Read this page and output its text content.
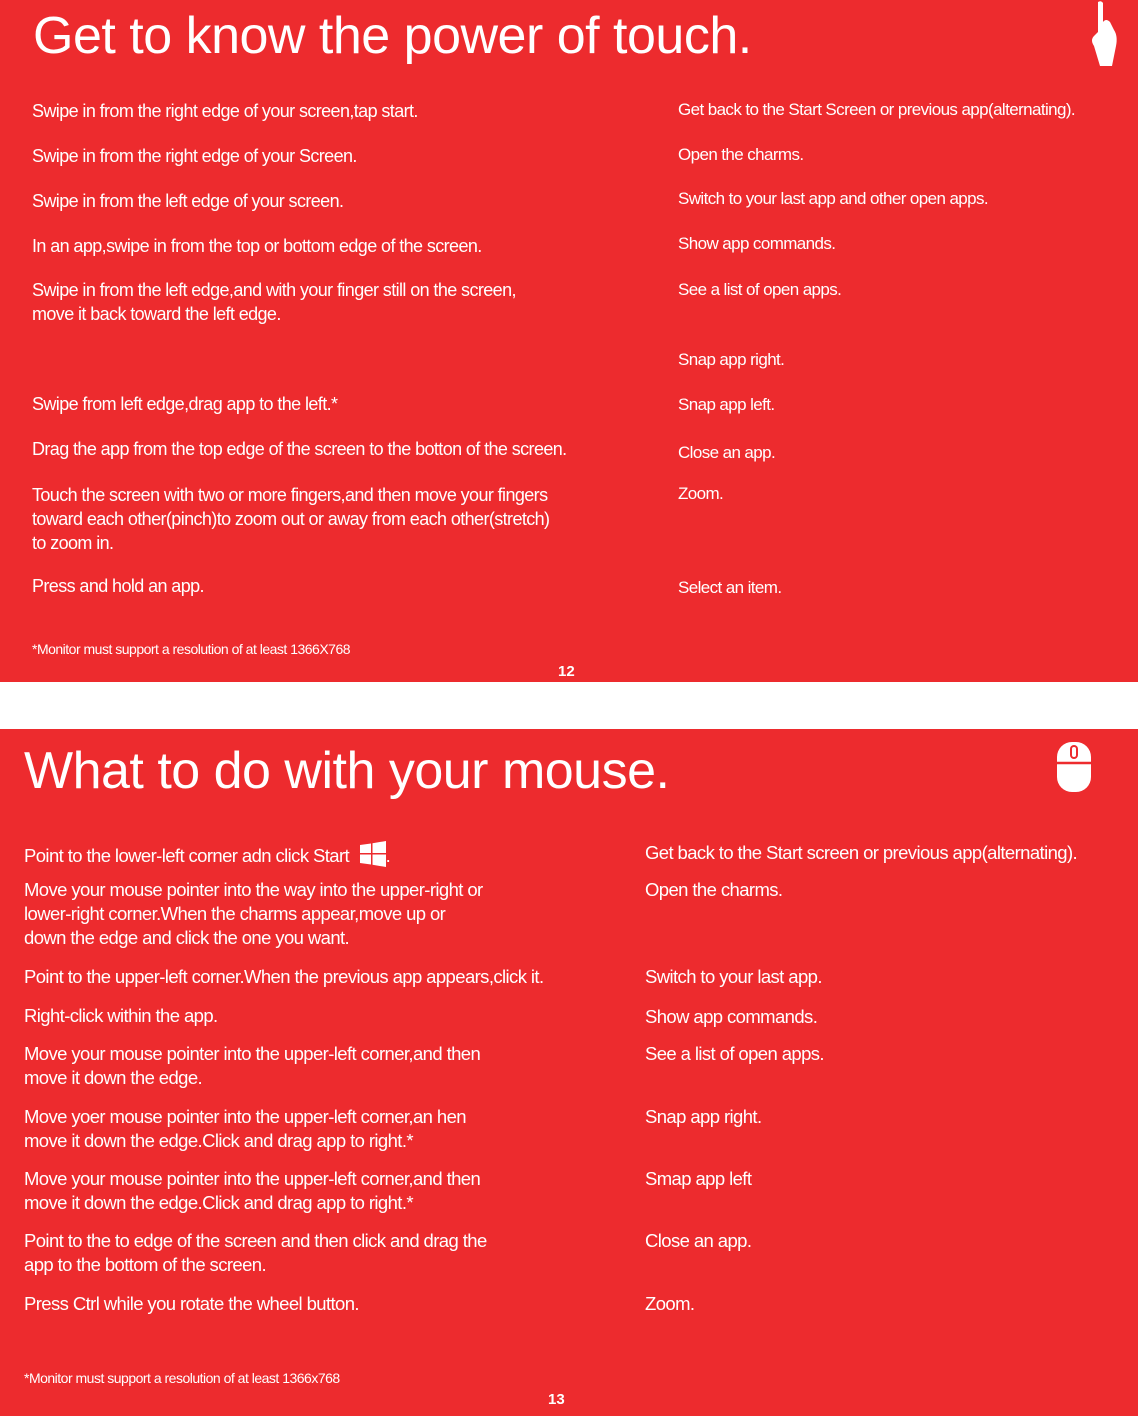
Get to know the power of touch.
Swipe in from the right edge of your screen,tap start.
Swipe in from the right edge of your Screen.
Swipe in from the left edge of your screen.
In an app,swipe in from the top or bottom edge of the screen.
Swipe in from the left edge,and with your finger still on the screen,
move it back toward the left edge.
Swipe from left edge,drag app to the left.*
Drag the app from the top edge of the screen to the botton of the screen.
Touch the screen with two or more fingers,and then move your fingers
toward each other(pinch)to zoom out or away from each other(stretch)
to zoom in.
Press and hold an app.
Get back to the Start Screen or previous app(alternating).
Open the charms.
Switch to your last app and other open apps.
Show app commands.
See a list of open apps.
Snap app right.
Snap app left.
Close an app.
Zoom.
Select an item.
*Monitor must support a resolution of at least 1366X768
12
What to do with your mouse.
Point to the lower-left corner adn click Start .
Move your mouse pointer into the way into the upper-right or
lower-right corner.When the charms appear,move up or
down the edge and click the one you want.
Point to the upper-left corner.When the previous app appears,click it.
Right-click within the app.
Move your mouse pointer into the upper-left corner,and then
move it down the edge.
Move yoer mouse pointer into the upper-left corner,an hen
move it down the edge.Click and drag app to right.*
Move your mouse pointer into the upper-left corner,and then
move it down the edge.Click and drag app to right.*
Point to the to edge of the screen and then click and drag the
app to the bottom of the screen.
Press Ctrl while you rotate the wheel button.
Get back to the Start screen or previous app(alternating).
Open the charms.
Switch to your last app.
Show app commands.
See a list of open apps.
Snap app right.
Smap app left
Close an app.
Zoom.
*Monitor must support a resolution of at least 1366x768
13
